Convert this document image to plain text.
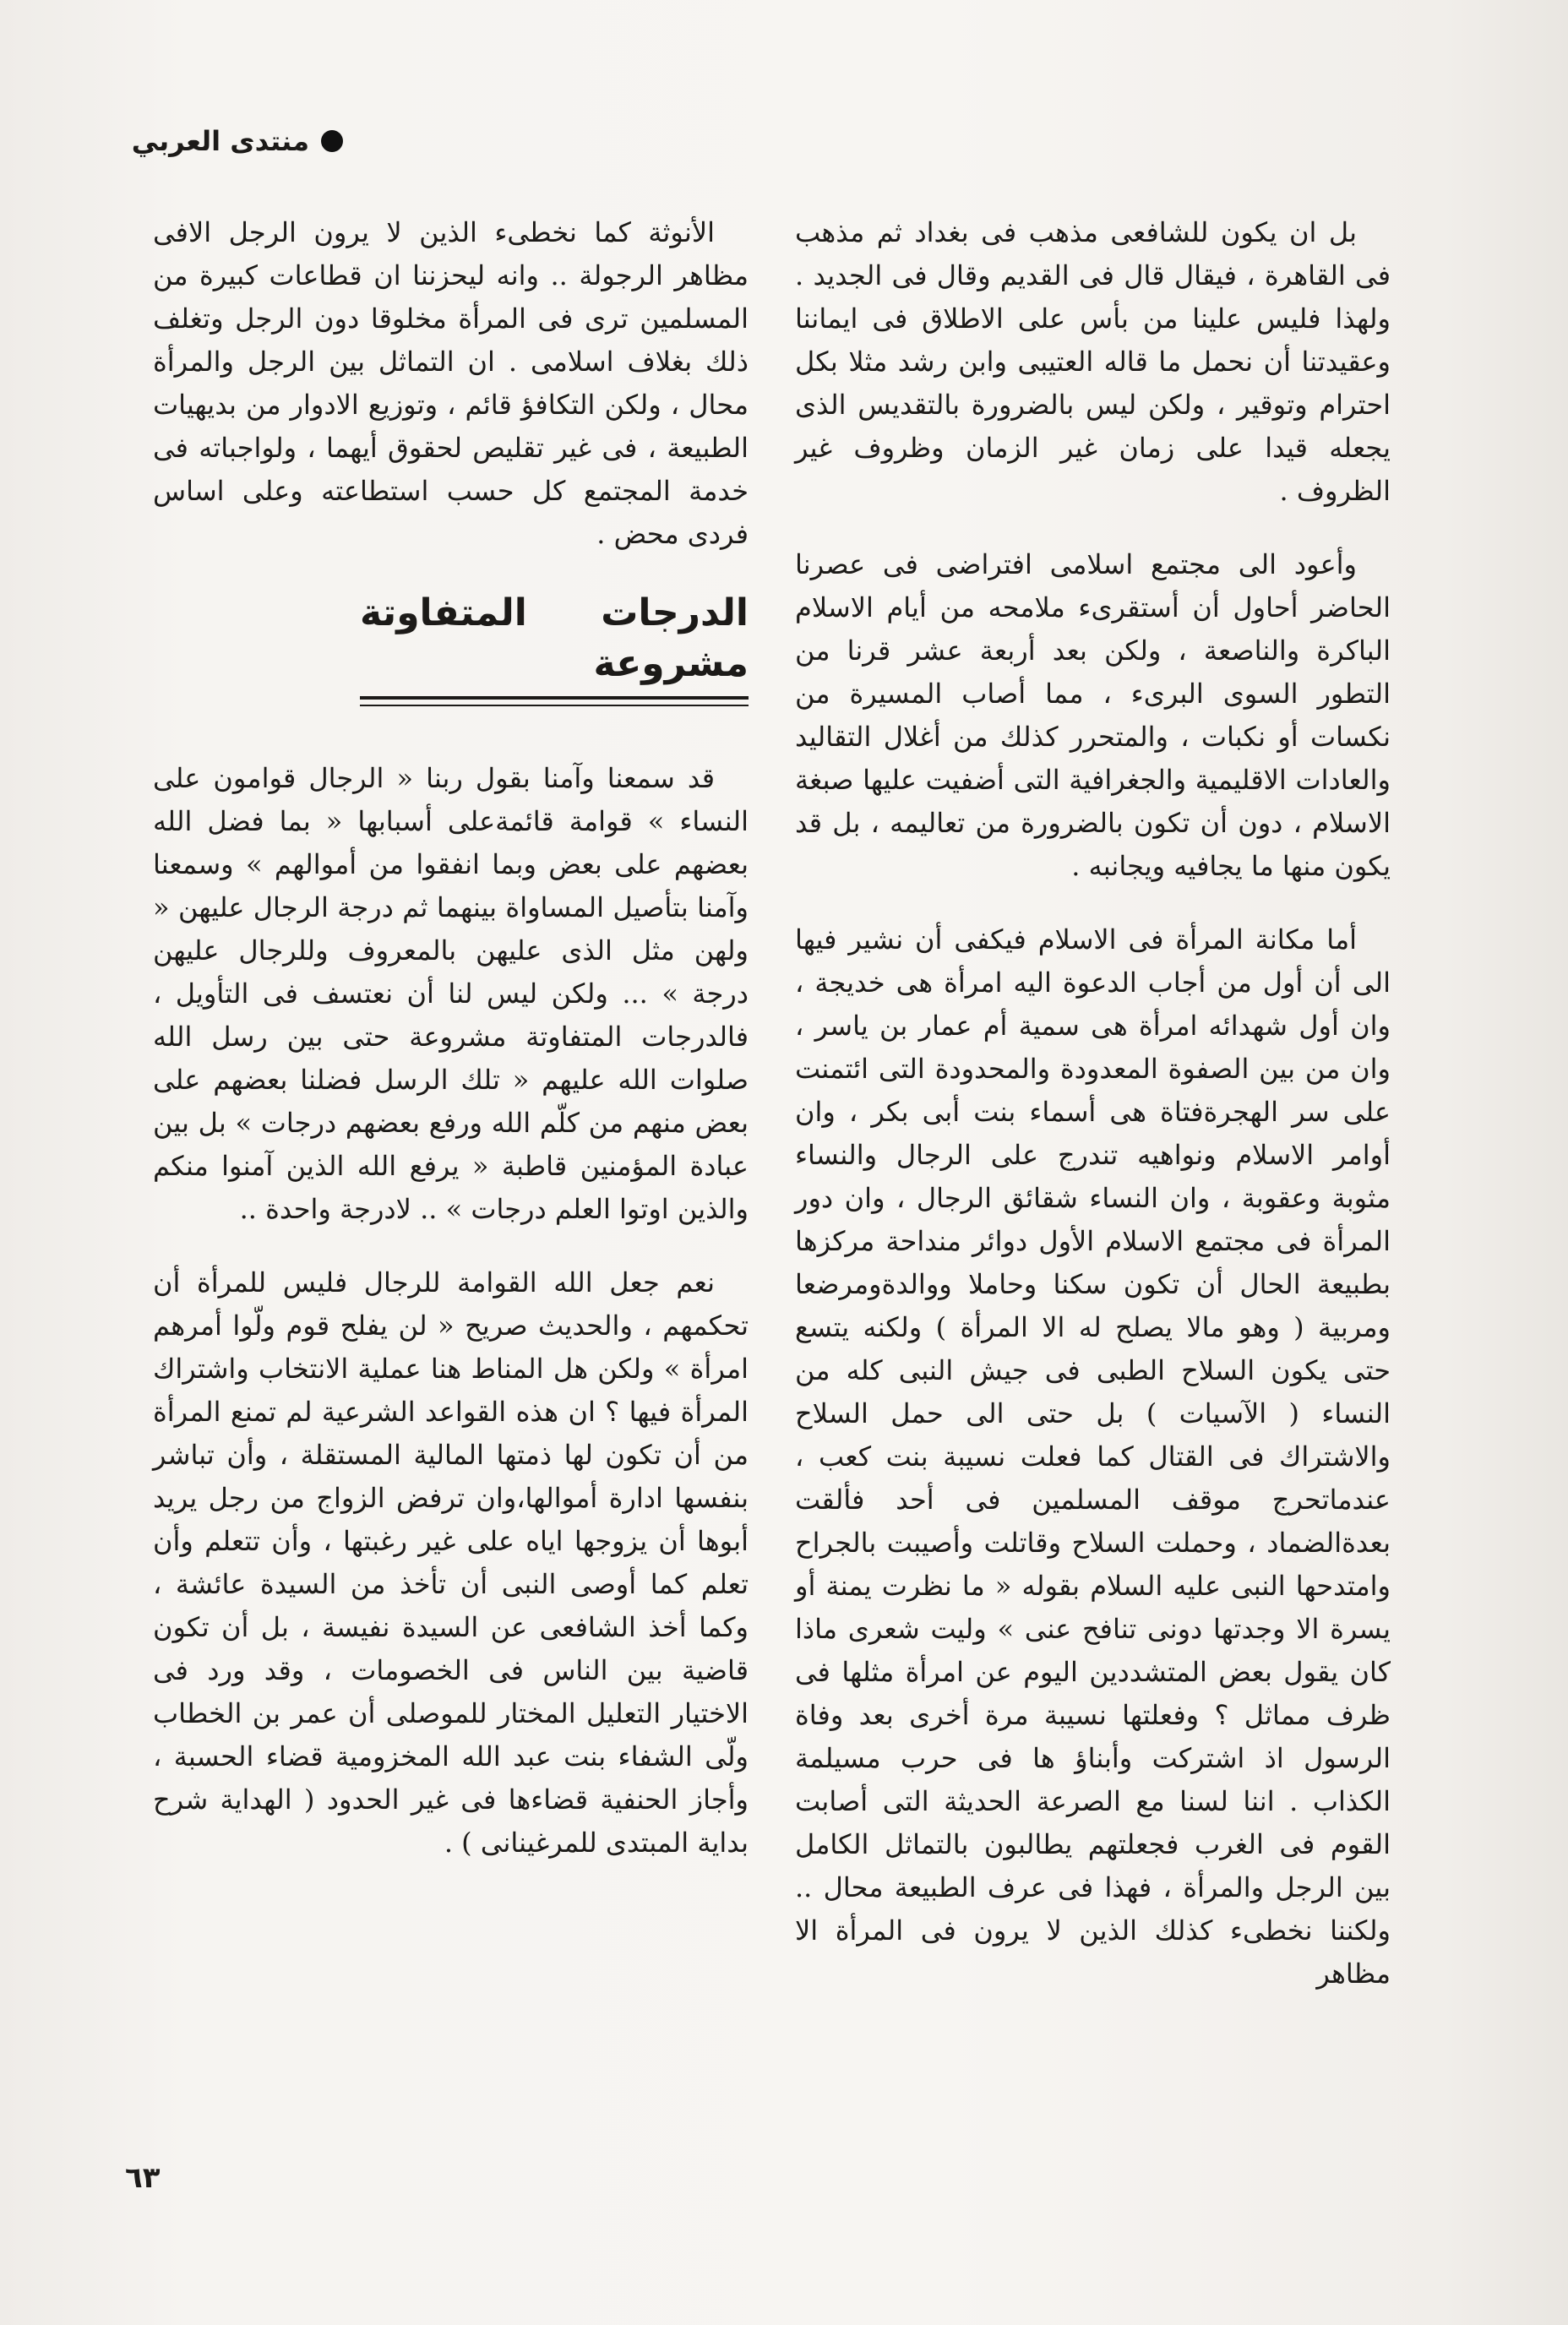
منتدى العربي

بل ان يكون للشافعى مذهب فى بغداد ثم مذهب فى القاهرة ، فيقال قال فى القديم وقال فى الجديد . ولهذا فليس علينا من بأس على الاطلاق فى ايماننا وعقيدتنا أن نحمل ما قاله العتيبى وابن رشد مثلا بكل احترام وتوقير ، ولكن ليس بالضرورة بالتقديس الذى يجعله قيدا على زمان غير الزمان وظروف غير الظروف .

وأعود الى مجتمع اسلامى افتراضى فى عصرنا الحاضر أحاول أن أستقرىء ملامحه من أيام الاسلام الباكرة والناصعة ، ولكن بعد أربعة عشر قرنا من التطور السوى البرىء ، مما أصاب المسيرة من نكسات أو نكبات ، والمتحرر كذلك من أغلال التقاليد والعادات الاقليمية والجغرافية التى أضفيت عليها صبغة الاسلام ، دون أن تكون بالضرورة من تعاليمه ، بل قد يكون منها ما يجافيه ويجانبه .

أما مكانة المرأة فى الاسلام فيكفى أن نشير فيها الى أن أول من أجاب الدعوة اليه امرأة هى خديجة ، وان أول شهدائه امرأة هى سمية أم عمار بن ياسر ، وان من بين الصفوة المعدودة والمحدودة التى ائتمنت على سر الهجرةفتاة هى أسماء بنت أبى بكر ، وان أوامر الاسلام ونواهيه تندرج على الرجال والنساء مثوبة وعقوبة ، وان النساء شقائق الرجال ، وان دور المرأة فى مجتمع الاسلام الأول دوائر منداحة مركزها بطبيعة الحال أن تكون سكنا وحاملا ووالدةومرضعا ومربية ( وهو مالا يصلح له الا المرأة ) ولكنه يتسع حتى يكون السلاح الطبى فى جيش النبى كله من النساء ( الآسيات ) بل حتى الى حمل السلاح والاشتراك فى القتال كما فعلت نسيبة بنت كعب ، عندماتحرج موقف المسلمين فى أحد فألقت بعدةالضماد ، وحملت السلاح وقاتلت وأصيبت بالجراح وامتدحها النبى عليه السلام بقوله « ما نظرت يمنة أو يسرة الا وجدتها دونى تنافح عنى » وليت شعرى ماذا كان يقول بعض المتشددين اليوم عن امرأة مثلها فى ظرف مماثل ؟ وفعلتها نسيبة مرة أخرى بعد وفاة الرسول اذ اشتركت وأبناؤ ها فى حرب مسيلمة الكذاب . اننا لسنا مع الصرعة الحديثة التى أصابت القوم فى الغرب فجعلتهم يطالبون بالتماثل الكامل بين الرجل والمرأة ، فهذا فى عرف الطبيعة محال .. ولكننا نخطىء كذلك الذين لا يرون فى المرأة الا مظاهر

الأنوثة كما نخطىء الذين لا يرون الرجل الافى مظاهر الرجولة .. وانه ليحزننا ان قطاعات كبيرة من المسلمين ترى فى المرأة مخلوقا دون الرجل وتغلف ذلك بغلاف اسلامى . ان التماثل بين الرجل والمرأة محال ، ولكن التكافؤ قائم ، وتوزيع الادوار من بديهيات الطبيعة ، فى غير تقليص لحقوق أيهما ، ولواجباته فى خدمة المجتمع كل حسب استطاعته وعلى اساس فردى محض .

الدرجات المتفاوتة مشروعة

قد سمعنا وآمنا بقول ربنا « الرجال قوامون على النساء » قوامة قائمةعلى أسبابها « بما فضل الله بعضهم على بعض وبما انفقوا من أموالهم » وسمعنا وآمنا بتأصيل المساواة بينهما ثم درجة الرجال عليهن « ولهن مثل الذى عليهن بالمعروف وللرجال عليهن درجة » ... ولكن ليس لنا أن نعتسف فى التأويل ، فالدرجات المتفاوتة مشروعة حتى بين رسل الله صلوات الله عليهم « تلك الرسل فضلنا بعضهم على بعض منهم من كلّم الله ورفع بعضهم درجات » بل بين عبادة المؤمنين قاطبة « يرفع الله الذين آمنوا منكم والذين اوتوا العلم درجات » .. لادرجة واحدة ..

نعم جعل الله القوامة للرجال فليس للمرأة أن تحكمهم ، والحديث صريح « لن يفلح قوم ولّوا أمرهم امرأة » ولكن هل المناط هنا عملية الانتخاب واشتراك المرأة فيها ؟ ان هذه القواعد الشرعية لم تمنع المرأة من أن تكون لها ذمتها المالية المستقلة ، وأن تباشر بنفسها ادارة أموالها،وان ترفض الزواج من رجل يريد أبوها أن يزوجها اياه على غير رغبتها ، وأن تتعلم وأن تعلم كما أوصى النبى أن تأخذ من السيدة عائشة ، وكما أخذ الشافعى عن السيدة نفيسة ، بل أن تكون قاضية بين الناس فى الخصومات ، وقد ورد فى الاختيار التعليل المختار للموصلى أن عمر بن الخطاب ولّى الشفاء بنت عبد الله المخزومية قضاء الحسبة ، وأجاز الحنفية قضاءها فى غير الحدود ( الهداية شرح بداية المبتدى للمرغينانى ) .

٦٣
